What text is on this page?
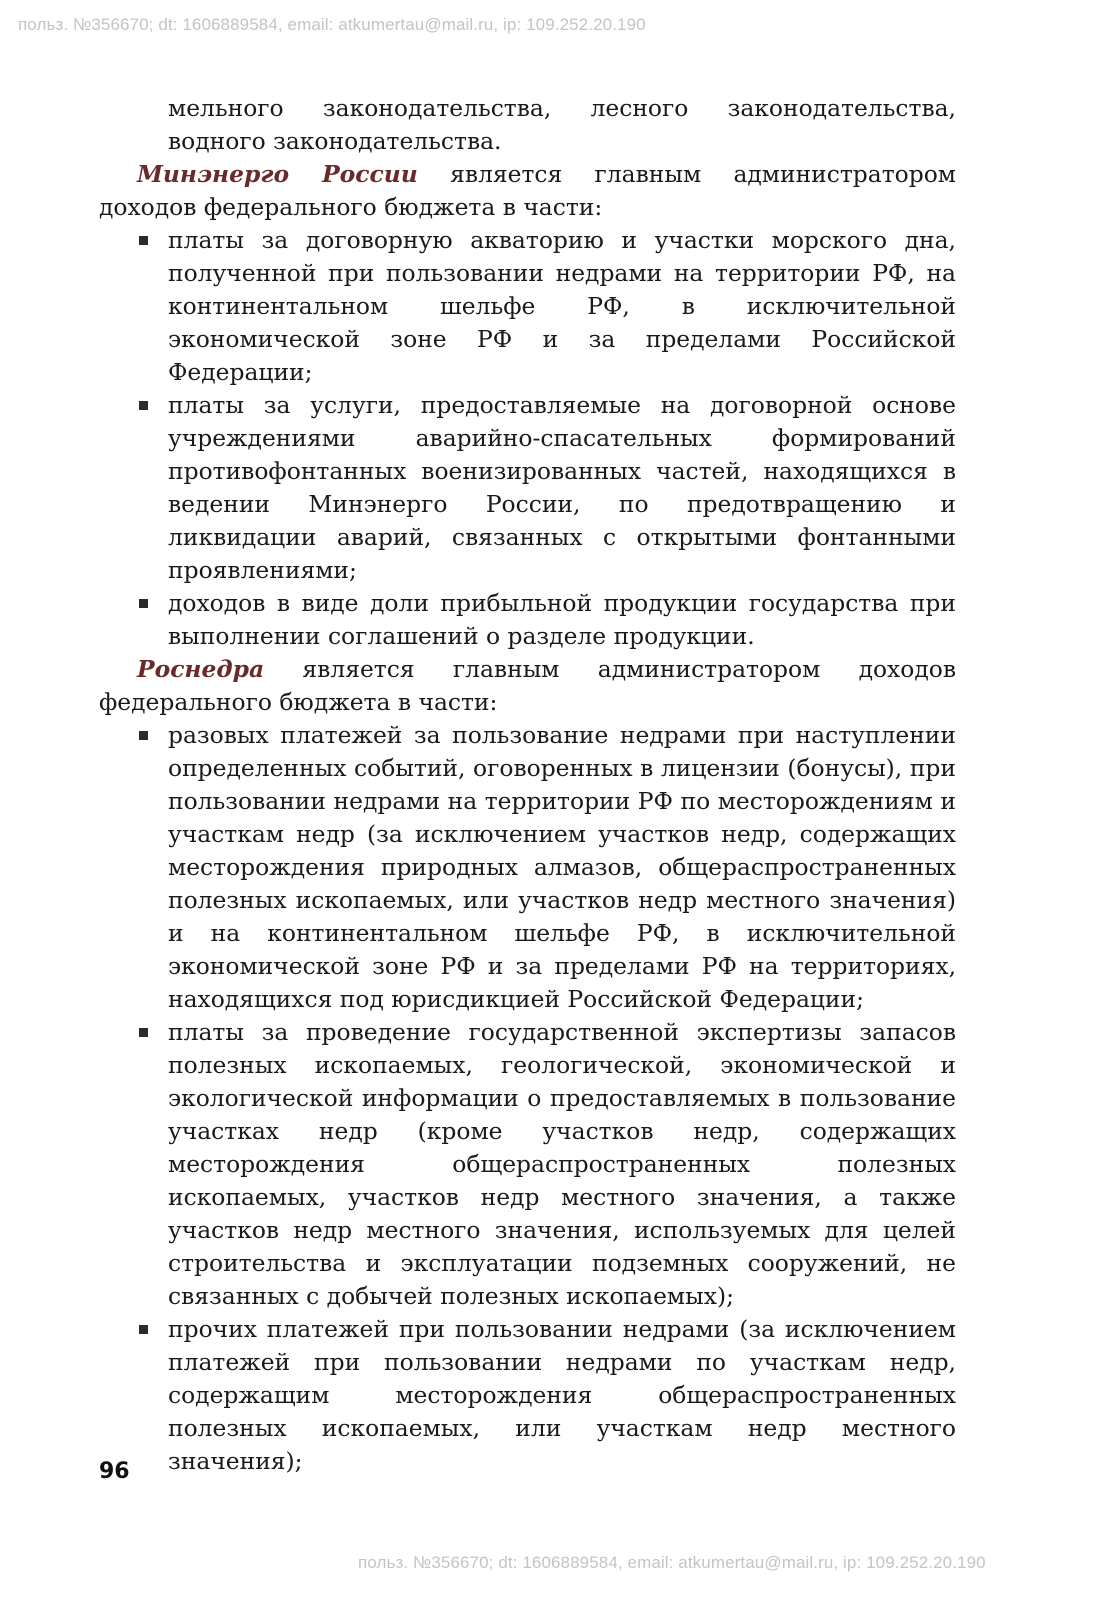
польз. №356670; dt: 1606889584, email: atkumertau@mail.ru, ip: 109.252.20.190

мельного законодательства, лесного законодательства, водного законодательства.

Минэнерго России является главным администратором доходов федерального бюджета в части:

платы за договорную акваторию и участки морского дна, полученной при пользовании недрами на территории РФ, на континентальном шельфе РФ, в исключительной экономической зоне РФ и за пределами Российской Федерации;
платы за услуги, предоставляемые на договорной основе учреждениями аварийно-спасательных формирований противофонтанных военизированных частей, находящихся в ведении Минэнерго России, по предотвращению и ликвидации аварий, связанных с открытыми фонтанными проявлениями;
доходов в виде доли прибыльной продукции государства при выполнении соглашений о разделе продукции.

Роснедра является главным администратором доходов федерального бюджета в части:

разовых платежей за пользование недрами при наступлении определенных событий, оговоренных в лицензии (бонусы), при пользовании недрами на территории РФ по месторождениям и участкам недр (за исключением участков недр, содержащих месторождения природных алмазов, общераспространенных полезных ископаемых, или участков недр местного значения) и на континентальном шельфе РФ, в исключительной экономической зоне РФ и за пределами РФ на территориях, находящихся под юрисдикцией Российской Федерации;
платы за проведение государственной экспертизы запасов полезных ископаемых, геологической, экономической и экологической информации о предоставляемых в пользование участках недр (кроме участков недр, содержащих месторождения общераспространенных полезных ископаемых, участков недр местного значения, а также участков недр местного значения, используемых для целей строительства и эксплуатации подземных сооружений, не связанных с добычей полезных ископаемых);
прочих платежей при пользовании недрами (за исключением платежей при пользовании недрами по участкам недр, содержащим месторождения общераспространенных полезных ископаемых, или участкам недр местного значения);
96
польз. №356670; dt: 1606889584, email: atkumertau@mail.ru, ip: 109.252.20.190
